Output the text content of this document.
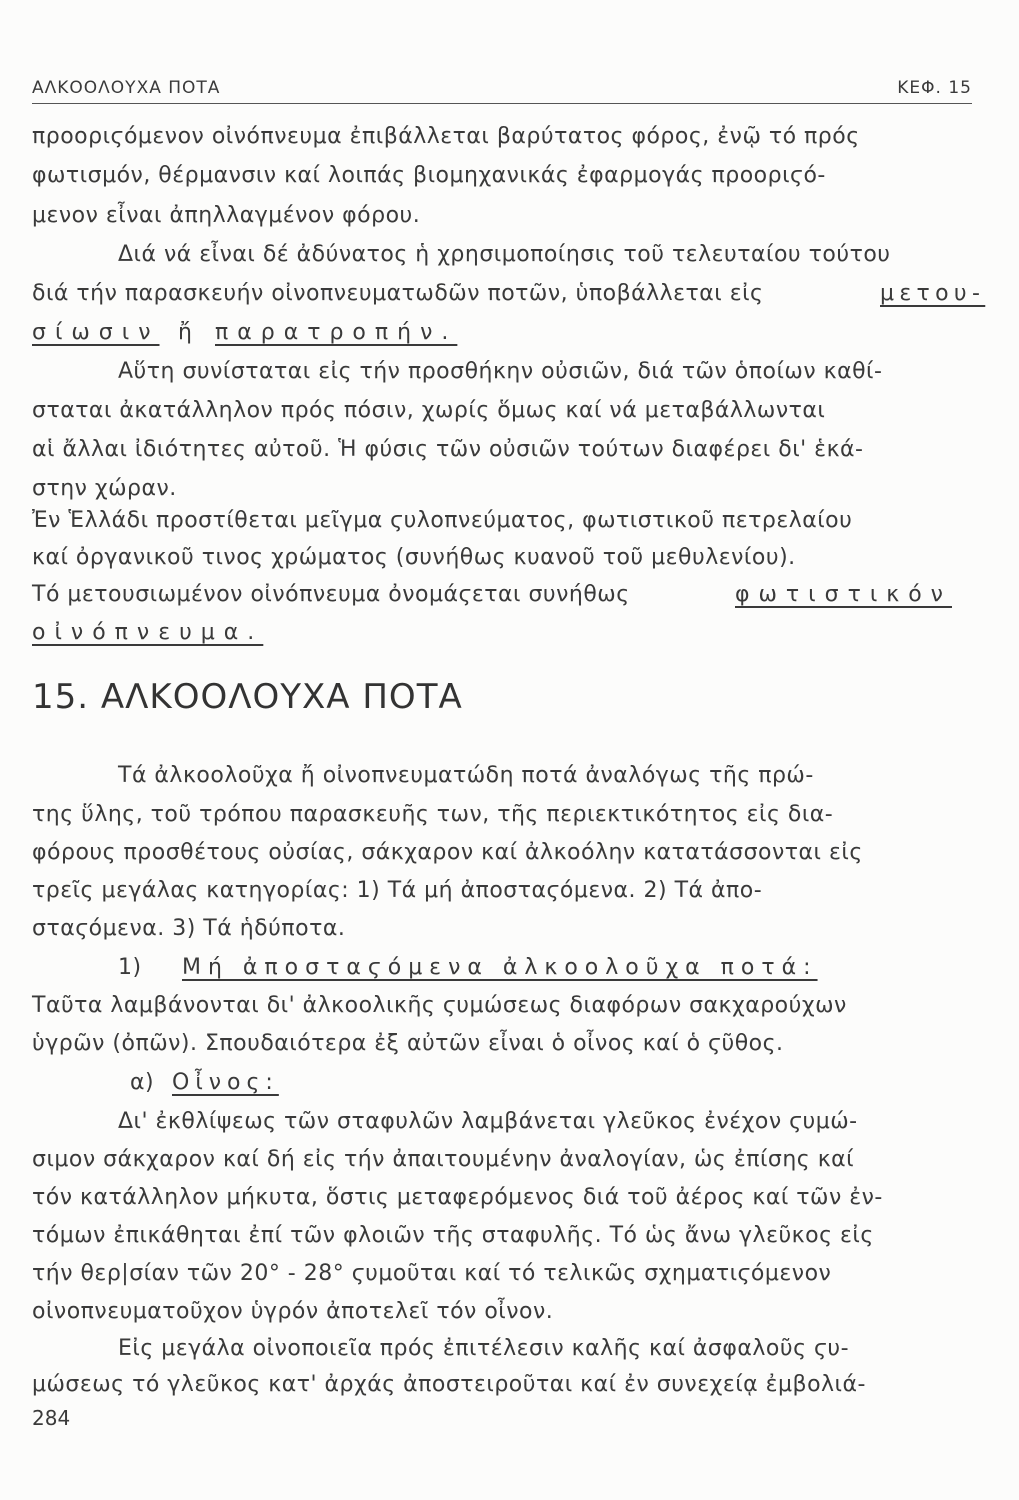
ΑΛΚΟΟΛΟΥΧΑ ΠΟΤΑ	ΚΕΦ. 15
προοριϛόμενον οἰνόπνευμα ἐπιβάλλεται βαρύτατος φόρος, ἐνῷ τό πρός
φωτισμόν, θέρμανσιν καί λοιπάς βιομηχανικάς ἐφαρμογάς προοριϛό-
μενον εἶναι ἀπηλλαγμένον φόρου.
Διά νά εἶναι δέ ἀδύνατος ἡ χρησιμοποίησις τοῦ τελευταίου τούτου
διά τήν παρασκευήν οἰνοπνευματωδῶν ποτῶν, ὑποβάλλεται εἰς	μετου-
σίωσιν ἤ παρατροπήν.
Αὕτη συνίσταται εἰς τήν προσθήκην οὐσιῶν, διά τῶν ὁποίων καθί-
σταται ἀκατάλληλον πρός πόσιν, χωρίς ὅμως καί νά μεταβάλλωνται
αἱ ἄλλαι ἰδιότητες αὐτοῦ. Ἡ φύσις τῶν οὐσιῶν τούτων διαφέρει δι' ἑκά-
στην χώραν.
Ἐν Ἑλλάδι προστίθεται μεῖγμα ϛυλοπνεύματος, φωτιστικοῦ πετρελαίου
καί ὀργανικοῦ τινος χρώματος (συνήθως κυανοῦ τοῦ μεθυλενίου).
Τό μετουσιωμένον οἰνόπνευμα ὀνομάϛεται συνήθως	φωτιστικόν
οἰνόπνευμα.
15. ΑΛΚΟΟΛΟΥΧΑ ΠΟΤΑ
Τά ἀλκοολοῦχα ἤ οἰνοπνευματώδη ποτά ἀναλόγως τῆς πρώ-
της ὕλης, τοῦ τρόπου παρασκευῆς των, τῆς περιεκτικότητος εἰς δια-
φόρους προσθέτους οὐσίας, σάκχαρον καί ἀλκοόλην κατατάσσονται εἰς
τρεῖς μεγάλας κατηγορίας: 1) Τά μή ἀποσταϛόμενα. 2) Τά ἀπο-
σταϛόμενα. 3) Τά ἡδύποτα.
1) Μή ἀποσταϛόμενα ἀλκοολοῦχα ποτά:
Ταῦτα λαμβάνονται δι' ἀλκοολικῆς ϛυμώσεως διαφόρων σακχαρούχων
ὑγρῶν (ὀπῶν). Σπουδαιότερα ἐξ αὐτῶν εἶναι ὁ οἶνος καί ὁ ϛῦθος.
α) Οἶνος:
Δι' ἐκθλίψεως τῶν σταφυλῶν λαμβάνεται γλεῦκος ἐνέχον ϛυμώ-
σιμον σάκχαρον καί δή εἰς τήν ἀπαιτουμένην ἀναλογίαν, ὡς ἐπίσης καί
τόν κατάλληλον μήκυτα, ὅστις μεταφερόμενος διά τοῦ ἀέρος καί τῶν ἐν-
τόμων ἐπικάθηται ἐπί τῶν φλοιῶν τῆς σταφυλῆς. Τό ὡς ἄνω γλεῦκος εἰς
τήν θερ|σίαν τῶν 20° - 28° ϛυμοῦται καί τό τελικῶς σχηματιϛόμενον
οἰνοπνευματοῦχον ὑγρόν ἀποτελεῖ τόν οἶνον.
Εἰς μεγάλα οἰνοποιεῖα πρός ἐπιτέλεσιν καλῆς καί ἀσφαλοῦς ϛυ-
μώσεως τό γλεῦκος κατ' ἀρχάς ἀποστειροῦται καί ἐν συνεχείᾳ ἐμβολιά-
284
